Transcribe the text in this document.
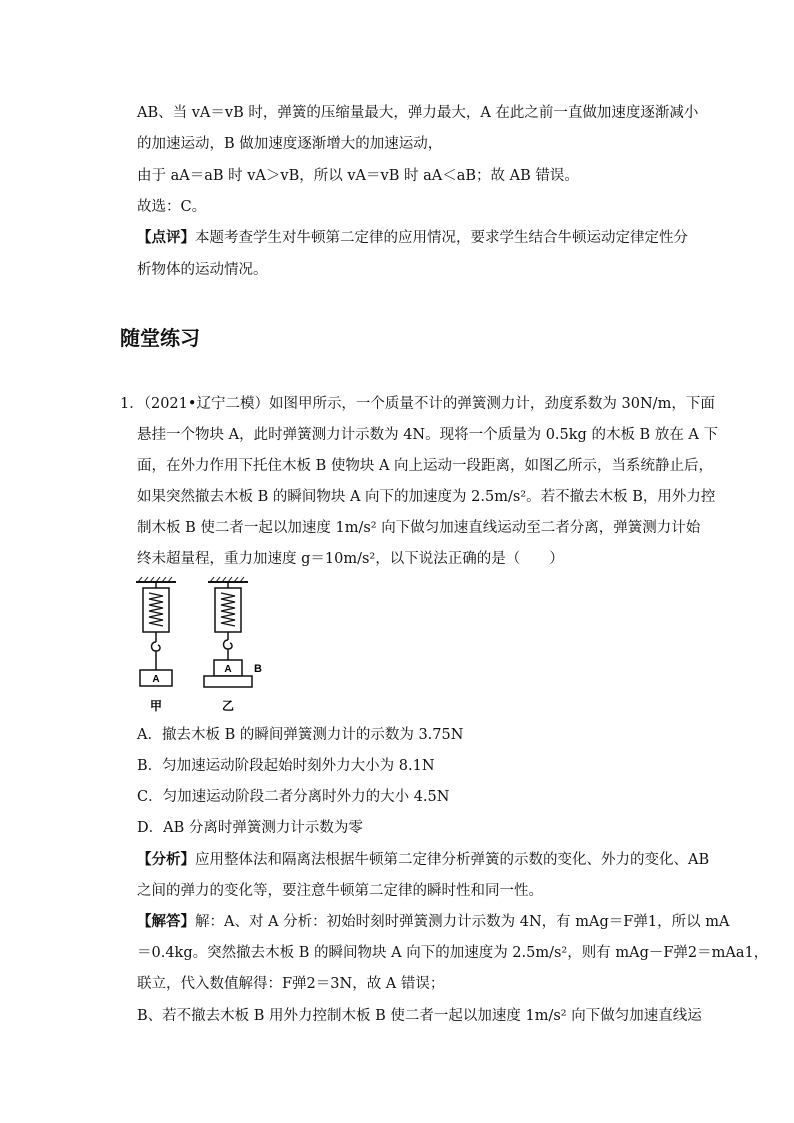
AB、当 vA＝vB 时，弹簧的压缩量最大，弹力最大，A 在此之前一直做加速度逐渐减小
的加速运动，B 做加速度逐渐增大的加速运动，
由于 aA＝aB 时 vA＞vB，所以 vA＝vB 时 aA＜aB；故 AB 错误。
故选：C。
【点评】本题考查学生对牛顿第二定律的应用情况，要求学生结合牛顿运动定律定性分
析物体的运动情况。
随堂练习
1．（2021•辽宁二模）如图甲所示，一个质量不计的弹簧测力计，劲度系数为 30N/m，下面
悬挂一个物块 A，此时弹簧测力计示数为 4N。现将一个质量为 0.5kg 的木板 B 放在 A 下
面，在外力作用下托住木板 B 使物块 A 向上运动一段距离，如图乙所示，当系统静止后，
如果突然撤去木板 B 的瞬间物块 A 向下的加速度为 2.5m/s²。若不撤去木板 B，用外力控
制木板 B 使二者一起以加速度 1m/s² 向下做匀加速直线运动至二者分离，弹簧测力计始
终未超量程，重力加速度 g＝10m/s²，以下说法正确的是（　　）
A
甲
A B
乙
A．撤去木板 B 的瞬间弹簧测力计的示数为 3.75N
B．匀加速运动阶段起始时刻外力大小为 8.1N
C．匀加速运动阶段二者分离时外力的大小 4.5N
D．AB 分离时弹簧测力计示数为零
【分析】应用整体法和隔离法根据牛顿第二定律分析弹簧的示数的变化、外力的变化、AB
之间的弹力的变化等，要注意牛顿第二定律的瞬时性和同一性。
【解答】解：A、对 A 分析：初始时刻时弹簧测力计示数为 4N，有 mAg＝F弹1，所以 mA
＝0.4kg。突然撤去木板 B 的瞬间物块 A 向下的加速度为 2.5m/s²，则有 mAg－F弹2＝mAa1，
联立，代入数值解得：F弹2＝3N，故 A 错误；
B、若不撤去木板 B 用外力控制木板 B 使二者一起以加速度 1m/s² 向下做匀加速直线运
